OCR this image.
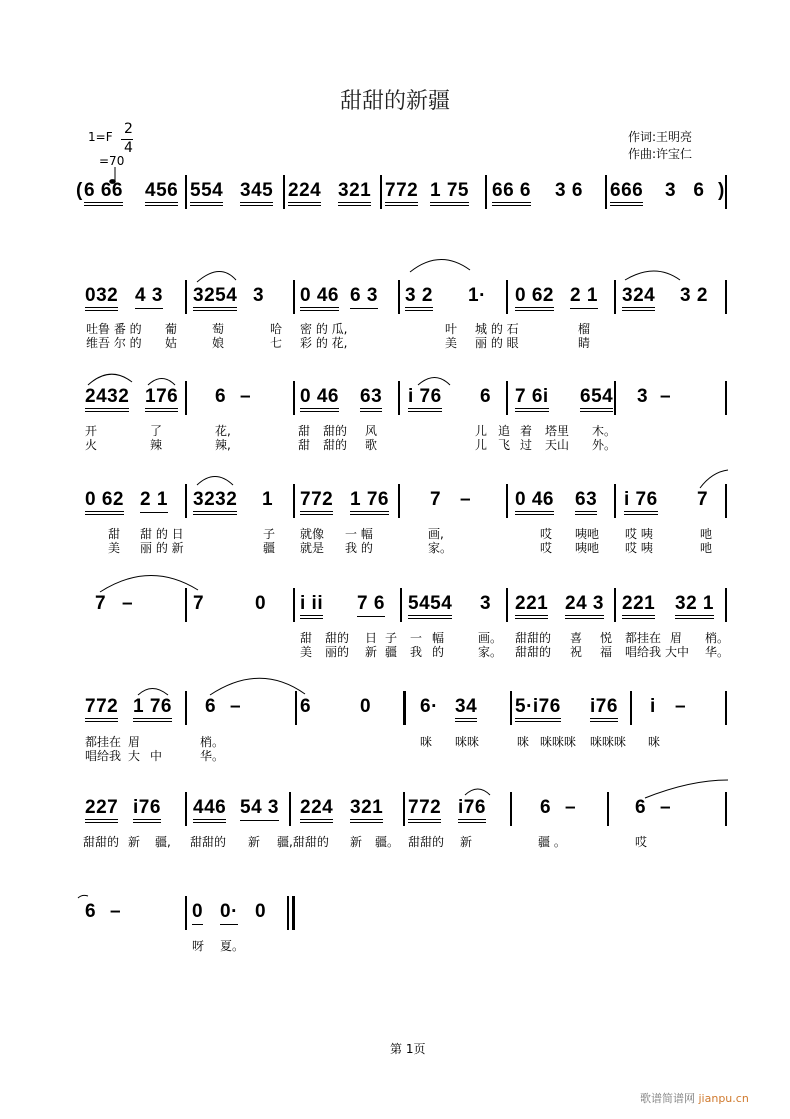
甜甜的新疆
1=F 2
4

=70
作词:王明亮
作曲:许宝仁
( 6 66 456 554 345 224 321 772 1 75 66 6 3 6 666 3   6 )
032 4 3 3254 3 0 46 6 3 3 2 1· 0 62 2 1 324 3 2
吐鲁 番 的 葡	萄	哈 密 的 瓜,	叶 城 的 石	榴
维吾 尔 的 姑	娘	七 彩 的 花,	美 丽 的 眼	睛
2432 176 6 –	0 46 63 i 76 6 7 6i 654 3 –
开	了	花,	甜 甜的 风	儿 追 着 塔里 木。
火	辣	辣,	甜 甜的 歌	儿 飞 过 天山 外。
0 62 2 1 3232 1 772 1 76 7 – 0 46 63 i 76 7
甜 甜 的 日	子 就像 一 幅	画,	哎 咦吔 哎 咦	吔
美 丽 的 新	疆 就是 我 的	家。	哎 咦吔 哎 咦	吔
7 –	7	0 i ii 7 6 5454 3 221 24 3 221 32 1
甜 甜的 日 子 一 幅	画。 甜甜的 喜 悦 都挂在 眉 梢。
美 丽的 新 疆 我 的	家。 甜甜的 祝 福 唱给我 大中 华。
772 1 76 6 –	6	0	6· 34 5·i76 i76 i –
都挂在 眉	梢。	咪 咪咪	咪 咪咪咪 咪咪咪 咪
唱给我 大 中	华。
227 i76 446 54 3 224 321 772 i76	6 –	6 –
甜甜的 新 疆, 甜甜的 新 疆,甜甜的 新 疆。 甜甜的 新	疆 。	哎
6 –	0 0· 0
呀 夏。
第 1页
歌谱简谱网 jianpu.cn
